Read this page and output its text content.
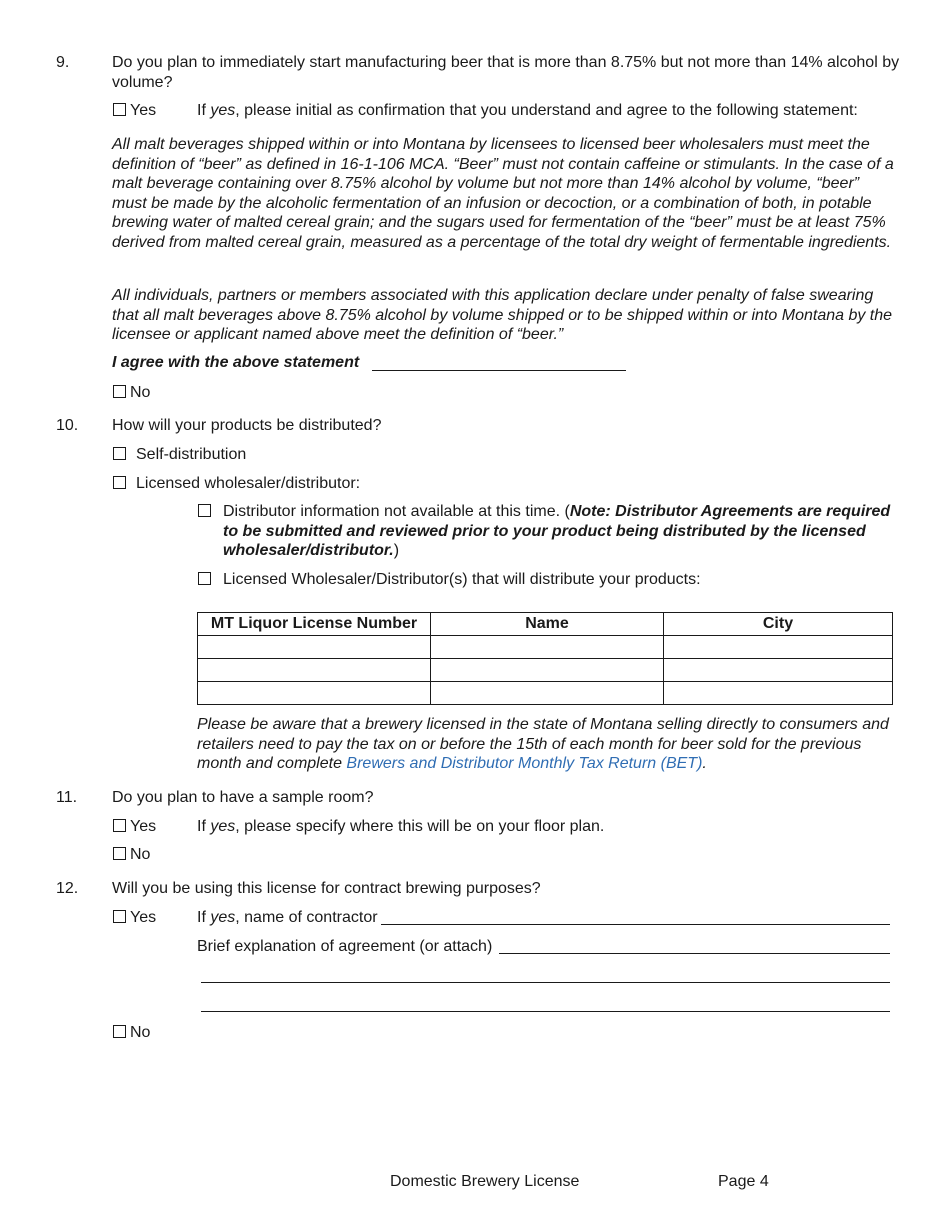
9.	Do you plan to immediately start manufacturing beer that is more than 8.75% but not more than 14% alcohol by volume?
Yes	If yes, please initial as confirmation that you understand and agree to the following statement:
All malt beverages shipped within or into Montana by licensees to licensed beer wholesalers must meet the definition of “beer” as defined in 16-1-106 MCA. “Beer” must not contain caffeine or stimulants. In the case of a malt beverage containing over 8.75% alcohol by volume but not more than 14% alcohol by volume, “beer” must be made by the alcoholic fermentation of an infusion or decoction, or a combination of both, in potable brewing water of malted cereal grain; and the sugars used for fermentation of the “beer” must be at least 75% derived from malted cereal grain, measured as a percentage of the total dry weight of fermentable ingredients.
All individuals, partners or members associated with this application declare under penalty of false swearing that all malt beverages above 8.75% alcohol by volume shipped or to be shipped within or into Montana by the licensee or applicant named above meet the definition of “beer.”
I agree with the above statement
No
10. How will your products be distributed?
Self-distribution
Licensed wholesaler/distributor:
Distributor information not available at this time. (Note: Distributor Agreements are required to be submitted and reviewed prior to your product being distributed by the licensed wholesaler/distributor.)
Licensed Wholesaler/Distributor(s) that will distribute your products:
MT Liquor License Number	Name	City

Please be aware that a brewery licensed in the state of Montana selling directly to consumers and retailers need to pay the tax on or before the 15th of each month for beer sold for the previous month and complete Brewers and Distributor Monthly Tax Return (BET).
11. Do you plan to have a sample room?
Yes	If yes, please specify where this will be on your floor plan.
No
12. Will you be using this license for contract brewing purposes?
Yes	If yes, name of contractor
Brief explanation of agreement (or attach)
No
Domestic Brewery License	Page 4
